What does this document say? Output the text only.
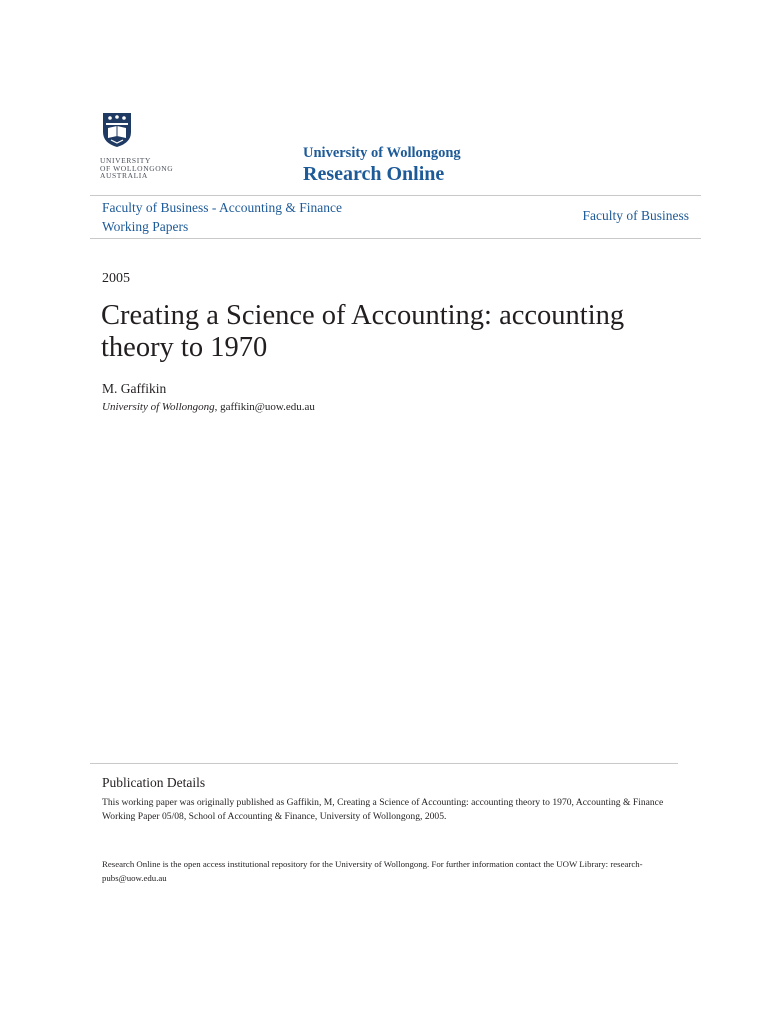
UNIVERSITY
OF WOLLONGONG
AUSTRALIA
University of Wollongong
Research Online
Faculty of Business - Accounting & Finance
Working Papers
Faculty of Business
2005
Creating a Science of Accounting: accounting theory to 1970
M. Gaffikin
University of Wollongong, gaffikin@uow.edu.au
Publication Details
This working paper was originally published as Gaffikin, M, Creating a Science of Accounting: accounting theory to 1970, Accounting & Finance Working Paper 05/08, School of Accounting & Finance, University of Wollongong, 2005.
Research Online is the open access institutional repository for the University of Wollongong. For further information contact the UOW Library: research-pubs@uow.edu.au
